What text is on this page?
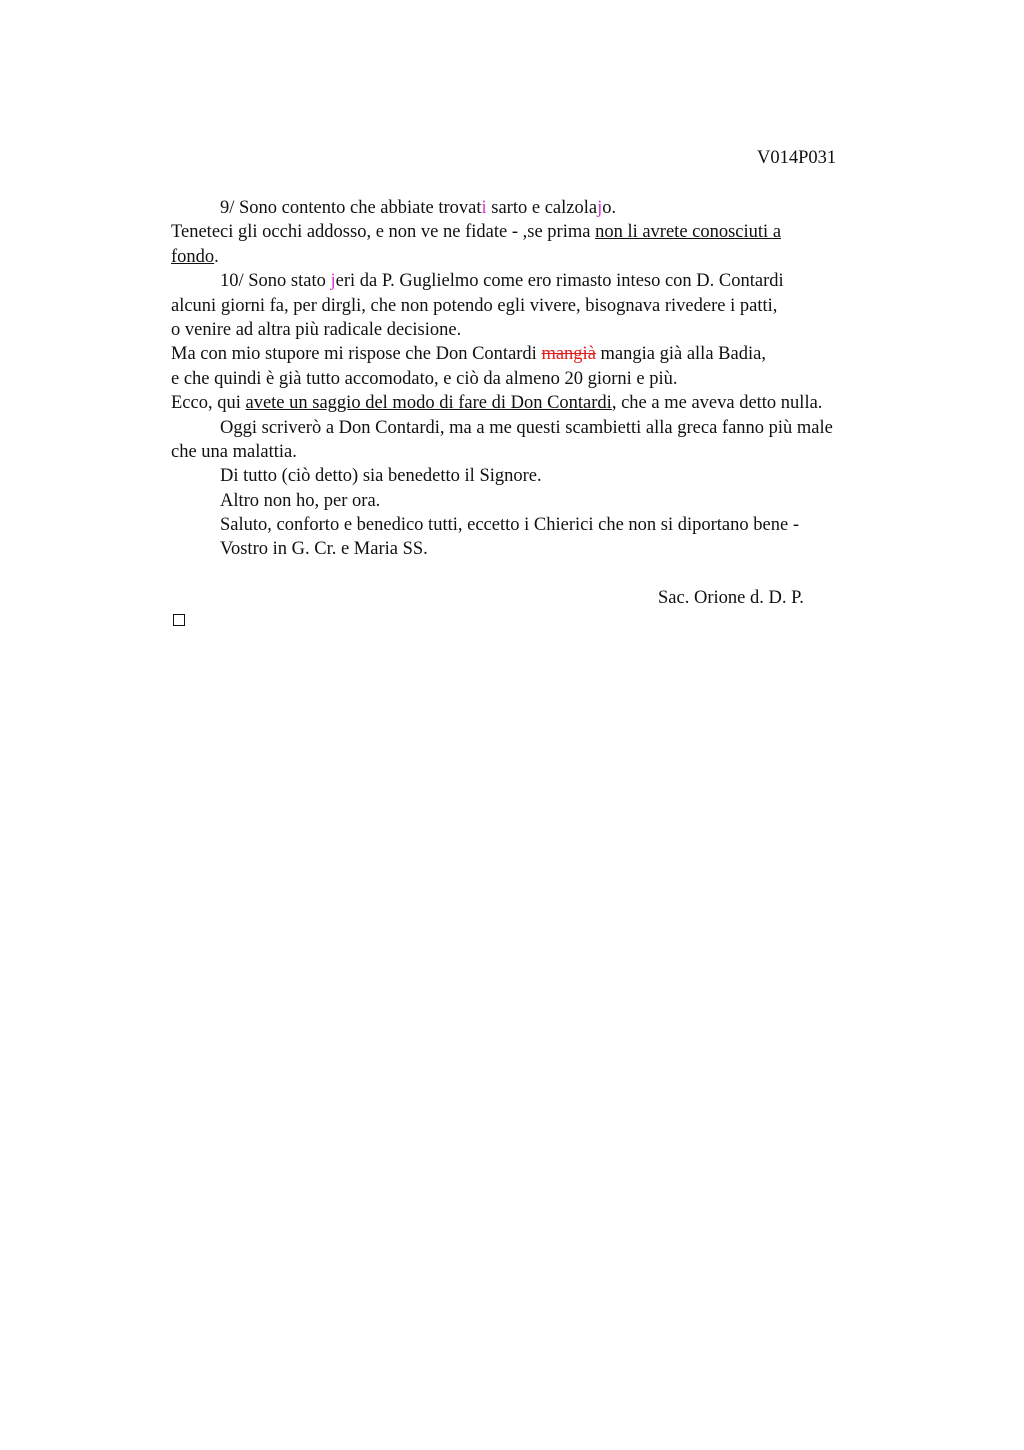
V014P031
9/ Sono contento che abbiate trovati sarto e calzolajo.
Teneteci gli occhi addosso, e non ve ne fidate - ,se prima non li avrete conosciuti a
fondo.
10/ Sono stato jeri da P. Guglielmo come ero rimasto inteso con D. Contardi
alcuni giorni fa, per dirgli, che non potendo egli vivere, bisognava rivedere i patti,
o venire ad altra più radicale decisione.
Ma con mio stupore mi rispose che Don Contardi mangià mangia già alla Badia,
e che quindi è già tutto accomodato, e ciò da almeno 20 giorni e più.
Ecco, qui avete un saggio del modo di fare di Don Contardi, che a me aveva detto nulla.
Oggi scriverò a Don Contardi, ma a me questi scambietti alla greca fanno più male
che una malattia.
Di tutto (ciò detto) sia benedetto il Signore.
Altro non ho, per ora.
Saluto, conforto e benedico tutti, eccetto i Chierici che non si diportano bene -
Vostro in G. Cr. e Maria SS.
Sac. Orione d. D. P.
